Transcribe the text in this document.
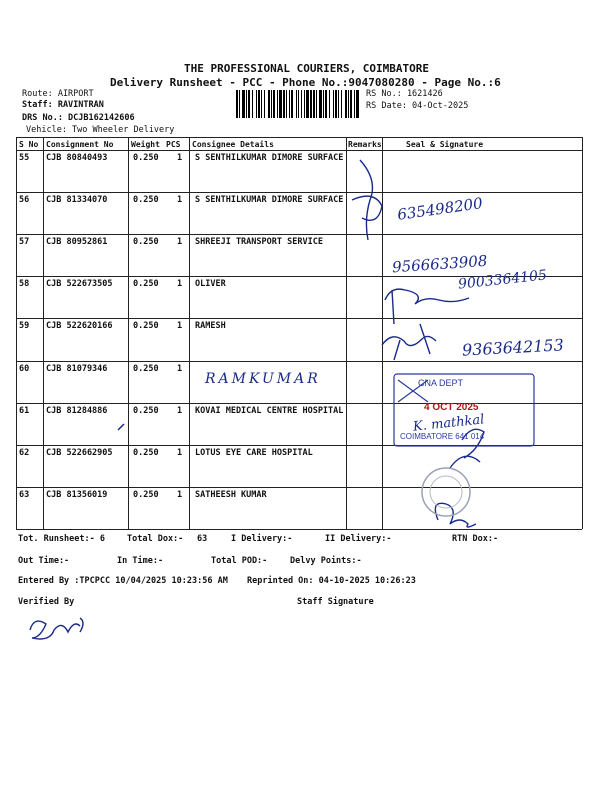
THE PROFESSIONAL COURIERS, COIMBATORE
Delivery Runsheet - PCC - Phone No.:9047080280 - Page No.:6
Route: AIRPORT
Staff: RAVINTRAN
DRS No.: DCJB162142606
Vehicle: Two Wheeler Delivery
RS No.: 1621426
RS Date: 04-Oct-2025
S No Consignment No Weight PCS Consignee Details	Remarks	Seal & Signature
55 CJB 80840493	0.250 1 S SENTHILKUMAR DIMORE SURFACE
56 CJB 81334070	0.250 1 S SENTHILKUMAR DIMORE SURFACE
57 CJB 80952861	0.250 1 SHREEJI TRANSPORT SERVICE
58 CJB 522673505 0.250 1 OLIVER
59 CJB 522620166 0.250 1 RAMESH
60 CJB 81079346	0.250 1
61 CJB 81284886	0.250 1 KOVAI MEDICAL CENTRE HOSPITAL
62 CJB 522662905 0.250 1 LOTUS EYE CARE HOSPITAL
63 CJB 81356019	0.250 1 SATHEESH KUMAR
635498200
9566633908
9003364105
9363642153
RAMKUMAR
K. mathkal
CNA DEPT
4 OCT 2025
COIMBATORE 641 014
Tot. Runsheet:- 6	Total Dox:- 63	I Delivery:-	II Delivery:-	RTN Dox:-
Out Time:-	In Time:-	Total POD:-	Delvy Points:-
Entered By :TPCPCC 10/04/2025 10:23:56 AM Reprinted On: 04-10-2025 10:26:23
Verified By	Staff Signature
